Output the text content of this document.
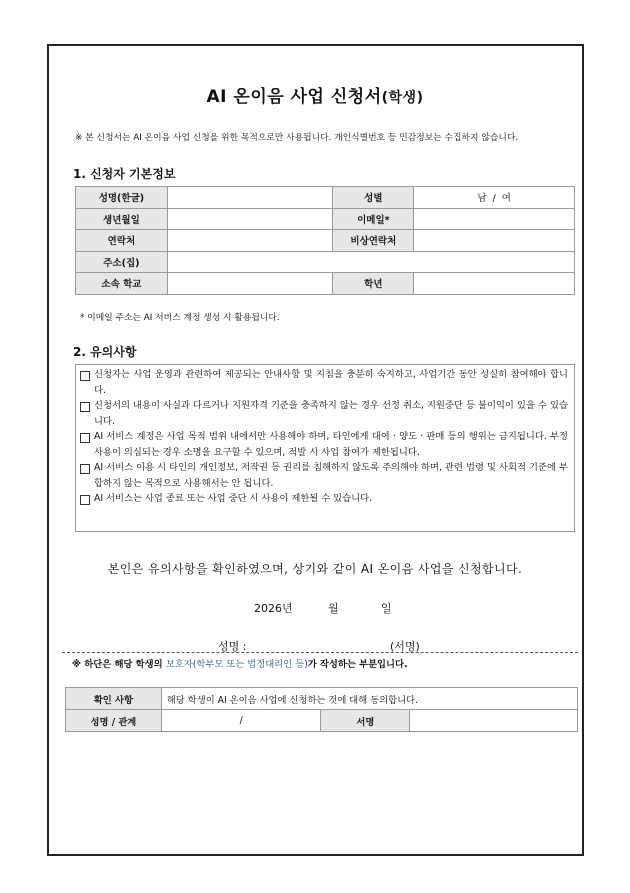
AI 온이음 사업 신청서(학생)
※ 본 신청서는 AI 온이음 사업 신청을 위한 목적으로만 사용됩니다. 개인식별번호 등 민감정보는 수집하지 않습니다.
1. 신청자 기본정보
성명(한글)		성별	남  /  여
생년월일		이메일*	
연락처		비상연락처	
주소(집)			
소속 학교		학년	
* 이메일 주소는 AI 서비스 계정 생성 시 활용됩니다.
2. 유의사항
신청자는 사업 운영과 관련하여 제공되는 안내사항 및 지침을 충분히 숙지하고, 사업기간 동안 성실히 참여해야 합니다.
신청서의 내용이 사실과 다르거나 지원자격 기준을 충족하지 않는 경우 선정 취소, 지원중단 등 불이익이 있을 수 있습니다.
AI 서비스 계정은 사업 목적 범위 내에서만 사용해야 하며, 타인에게 대여 · 양도 · 판매 등의 행위는 금지됩니다. 부정 사용이 의심되는 경우 소명을 요구할 수 있으며, 적발 시 사업 참여가 제한됩니다.
AI 서비스 이용 시 타인의 개인정보, 저작권 등 권리를 침해하지 않도록 주의해야 하며, 관련 법령 및 사회적 기준에 부합하지 않는 목적으로 사용해서는 안 됩니다.
AI 서비스는 사업 종료 또는 사업 중단 시 사용이 제한될 수 있습니다.
본인은 유의사항을 확인하였으며, 상기와 같이 AI 온이음 사업을 신청합니다.
2026년	월	일
성명 :	(서명)
※ 하단은 해당 학생의 보호자(학부모 또는 법정대리인 등)가 작성하는 부분입니다.
확인 사항	해당 학생이 AI 온이음 사업에 신청하는 것에 대해 동의합니다.		
성명 / 관계	/	서명	
